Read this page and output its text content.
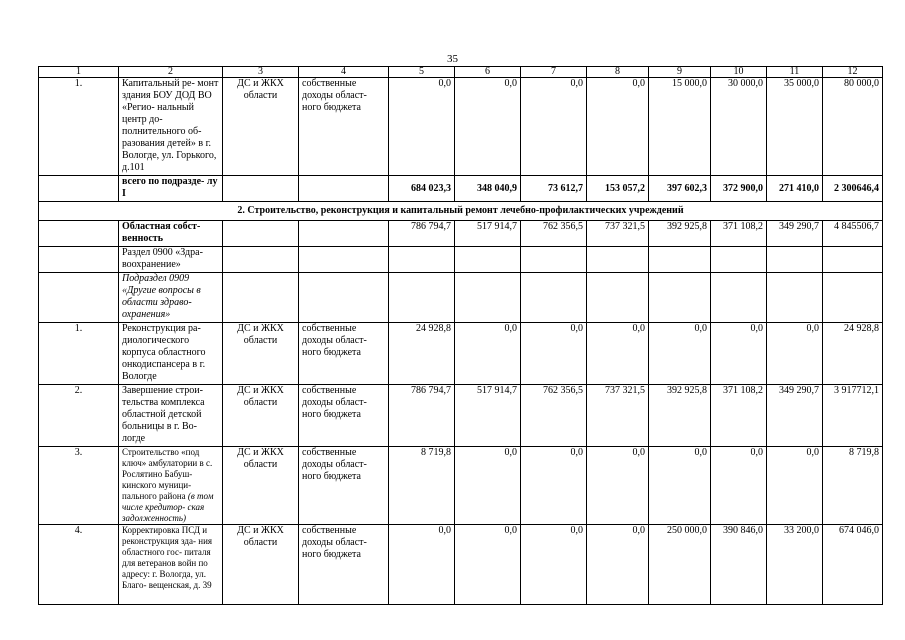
35
1	2	3	4	5	6	7	8	9	10	11	12
1.	Капитальный ре- монт здания БОУ ДОД ВО «Регио- нальный центр до- полнительного об- разования детей» в г. Вологде, ул. Горького, д.101	ДС и ЖКХ области	собственные доходы област- ного бюджета	0,0	0,0	0,0	0,0	15 000,0	30 000,0	35 000,0	80 000,0
	всего по подразде- лу I			684 023,3	348 040,9	73 612,7	153 057,2	397 602,3	372 900,0	271 410,0	2 300646,4
2. Строительство, реконструкция и капитальный ремонт лечебно-профилактических учреждений											
	Областная собст- венность			786 794,7	517 914,7	762 356,5	737 321,5	392 925,8	371 108,2	349 290,7	4 845506,7
	Раздел 0900 «Здра- воохранение»										
	Подраздел 0909 «Другие вопросы в области здраво- охранения»										
1.	Реконструкция ра- диологического корпуса областного онкодиспансера в г. Вологде	ДС и ЖКХ области	собственные доходы област- ного бюджета	24 928,8	0,0	0,0	0,0	0,0	0,0	0,0	24 928,8
2.	Завершение строи- тельства комплекса областной детской больницы в г. Во- логде	ДС и ЖКХ области	собственные доходы област- ного бюджета	786 794,7	517 914,7	762 356,5	737 321,5	392 925,8	371 108,2	349 290,7	3 917712,1
3.	Строительство «под ключ» амбулатории в с. Рослятино Бабуш- кинского муници- пального района (в том числе кредитор- ская задолженность)	ДС и ЖКХ области	собственные доходы област- ного бюджета	8 719,8	0,0	0,0	0,0	0,0	0,0	0,0	8 719,8
4.	Корректировка ПСД и реконструкция зда- ния областного гос- питаля для ветеранов войн по адресу: г. Вологда, ул. Благо- вещенская, д. 39	ДС и ЖКХ области	собственные доходы област- ного бюджета	0,0	0,0	0,0	0,0	250 000,0	390 846,0	33 200,0	674 046,0
